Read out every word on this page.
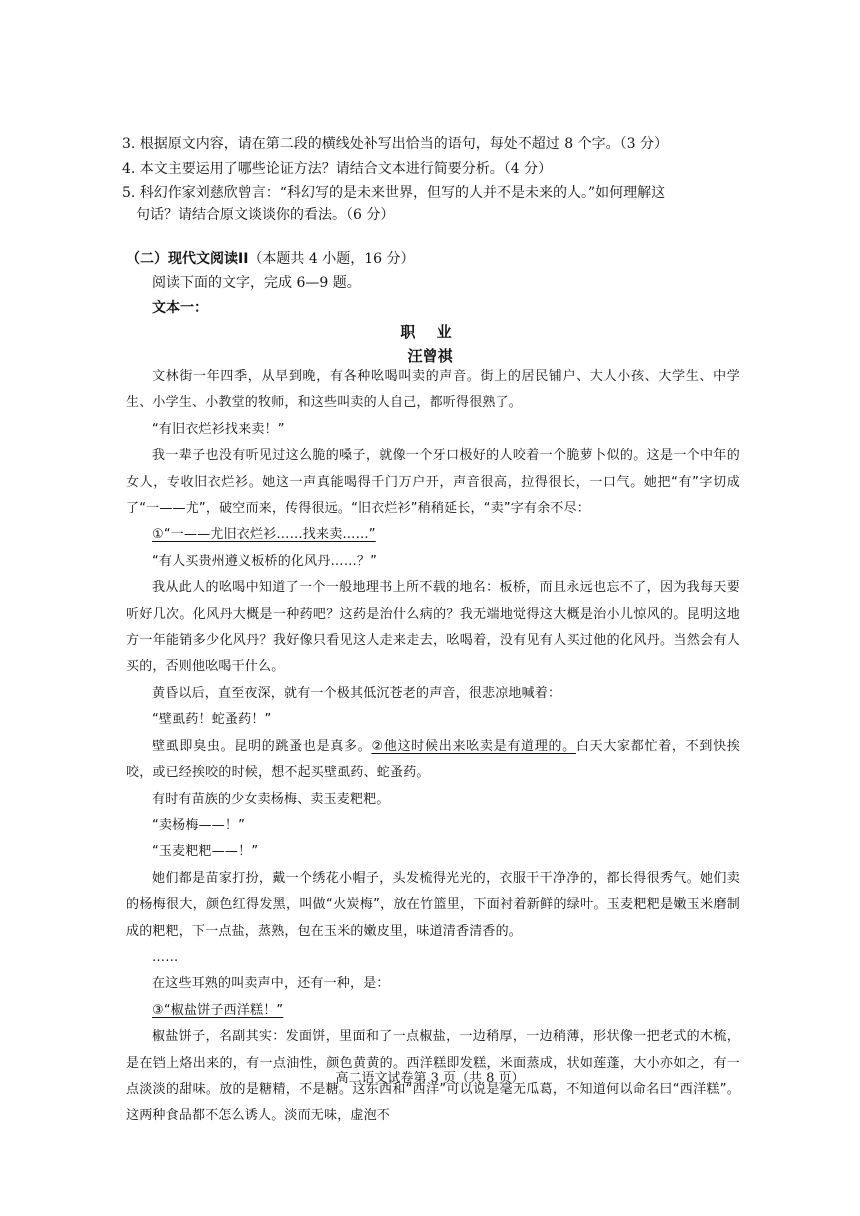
3. 根据原文内容，请在第二段的横线处补写出恰当的语句，每处不超过 8 个字。（3 分）
4. 本文主要运用了哪些论证方法？请结合文本进行简要分析。（4 分）
5. 科幻作家刘慈欣曾言：“科幻写的是未来世界，但写的人并不是未来的人。”如何理解这
句话？请结合原文谈谈你的看法。（6 分）
（二）现代文阅读II（本题共 4 小题，16 分）
阅读下面的文字，完成 6—9 题。
文本一：
职 业
汪曾祺

文林街一年四季，从早到晚，有各种吆喝叫卖的声音。街上的居民铺户、大人小孩、大学生、中学生、小学生、小教堂的牧师，和这些叫卖的人自己，都听得很熟了。

“有旧衣烂衫找来卖！”

我一辈子也没有听见过这么脆的嗓子，就像一个牙口极好的人咬着一个脆萝卜似的。这是一个中年的女人，专收旧衣烂衫。她这一声真能喝得千门万户开，声音很高，拉得很长，一口气。她把“有”字切成了“一——尤”，破空而来，传得很远。“旧衣烂衫”稍稍延长，“卖”字有余不尽：

①“一——尤旧衣烂衫……找来卖……”

“有人买贵州遵义板桥的化风丹……？”

我从此人的吆喝中知道了一个一般地理书上所不载的地名：板桥，而且永远也忘不了，因为我每天要听好几次。化风丹大概是一种药吧？这药是治什么病的？我无端地觉得这大概是治小儿惊风的。昆明这地方一年能销多少化风丹？我好像只看见这人走来走去，吆喝着，没有见有人买过他的化风丹。当然会有人买的，否则他吆喝干什么。

黄昏以后，直至夜深，就有一个极其低沉苍老的声音，很悲凉地喊着：

“壁虱药！蛇蚤药！”

壁虱即臭虫。昆明的跳蚤也是真多。②他这时候出来吆卖是有道理的。白天大家都忙着，不到快挨咬，或已经挨咬的时候，想不起买壁虱药、蛇蚤药。

有时有苗族的少女卖杨梅、卖玉麦粑粑。

“卖杨梅——！”

“玉麦粑粑——！”

她们都是苗家打扮，戴一个绣花小帽子，头发梳得光光的，衣服干干净净的，都长得很秀气。她们卖的杨梅很大，颜色红得发黑，叫做“火炭梅”，放在竹篮里，下面衬着新鲜的绿叶。玉麦粑粑是嫩玉米磨制成的粑粑，下一点盐，蒸熟，包在玉米的嫩皮里，味道清香清香的。

……

在这些耳熟的叫卖声中，还有一种，是：

③“椒盐饼子西洋糕！”

椒盐饼子，名副其实：发面饼，里面和了一点椒盐，一边稍厚，一边稍薄，形状像一把老式的木梳，是在铛上烙出来的，有一点油性，颜色黄黄的。西洋糕即发糕，米面蒸成，状如莲蓬，大小亦如之，有一点淡淡的甜味。放的是糖精，不是糖。这东西和“西洋”可以说是毫无瓜葛，不知道何以命名曰“西洋糕”。这两种食品都不怎么诱人。淡而无味，虚泡不

高二语文试卷第 3 页（共 8 页）
